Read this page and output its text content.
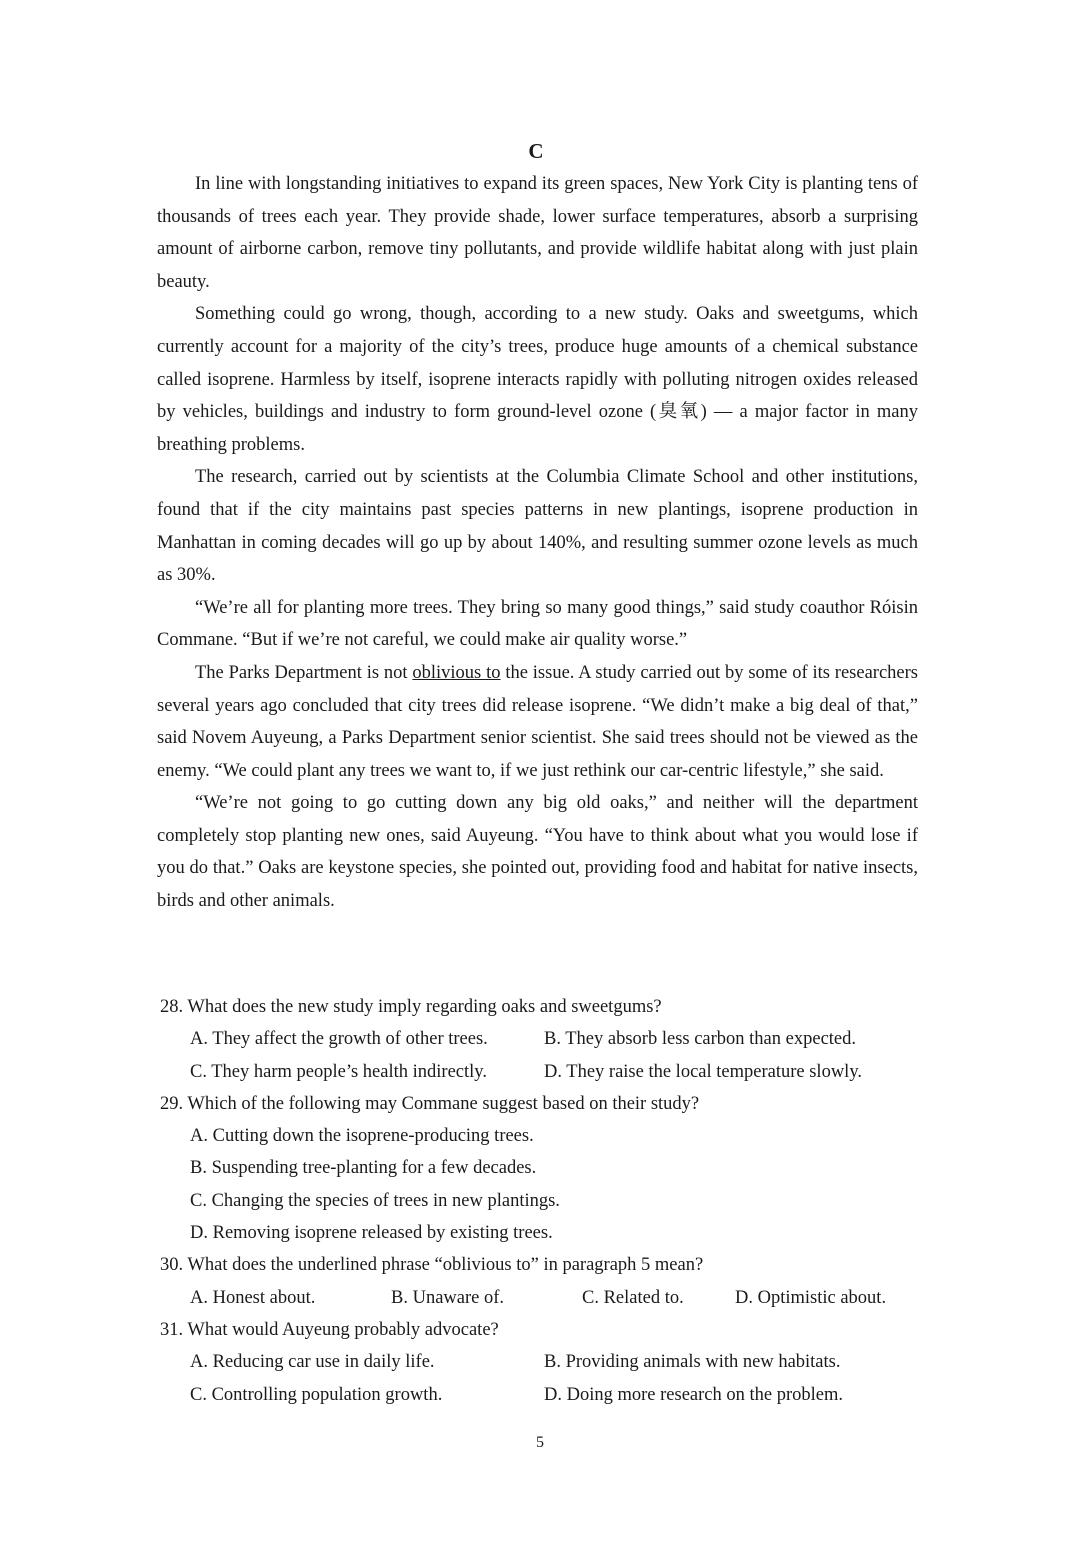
C

In line with longstanding initiatives to expand its green spaces, New York City is planting tens of thousands of trees each year. They provide shade, lower surface temperatures, absorb a surprising amount of airborne carbon, remove tiny pollutants, and provide wildlife habitat along with just plain beauty.

Something could go wrong, though, according to a new study. Oaks and sweetgums, which currently account for a majority of the city’s trees, produce huge amounts of a chemical substance called isoprene. Harmless by itself, isoprene interacts rapidly with polluting nitrogen oxides released by vehicles, buildings and industry to form ground-level ozone (臭氧) — a major factor in many breathing problems.

The research, carried out by scientists at the Columbia Climate School and other institutions, found that if the city maintains past species patterns in new plantings, isoprene production in Manhattan in coming decades will go up by about 140%, and resulting summer ozone levels as much as 30%.

“We’re all for planting more trees. They bring so many good things,” said study coauthor Róisin Commane. “But if we’re not careful, we could make air quality worse.”

The Parks Department is not oblivious to the issue. A study carried out by some of its researchers several years ago concluded that city trees did release isoprene. “We didn’t make a big deal of that,” said Novem Auyeung, a Parks Department senior scientist. She said trees should not be viewed as the enemy. “We could plant any trees we want to, if we just rethink our car-centric lifestyle,” she said.

“We’re not going to go cutting down any big old oaks,” and neither will the department completely stop planting new ones, said Auyeung. “You have to think about what you would lose if you do that.” Oaks are keystone species, she pointed out, providing food and habitat for native insects, birds and other animals.

28. What does the new study imply regarding oaks and sweetgums?

A. They affect the growth of other trees.	B. They absorb less carbon than expected.
C. They harm people’s health indirectly.	D. They raise the local temperature slowly.

29. Which of the following may Commane suggest based on their study?

A. Cutting down the isoprene-producing trees.

B. Suspending tree-planting for a few decades.

C. Changing the species of trees in new plantings.

D. Removing isoprene released by existing trees.

30. What does the underlined phrase “oblivious to” in paragraph 5 mean?

A. Honest about.	B. Unaware of.	C. Related to.	D. Optimistic about.

31. What would Auyeung probably advocate?

A. Reducing car use in daily life.	B. Providing animals with new habitats.
C. Controlling population growth.	D. Doing more research on the problem.
5
